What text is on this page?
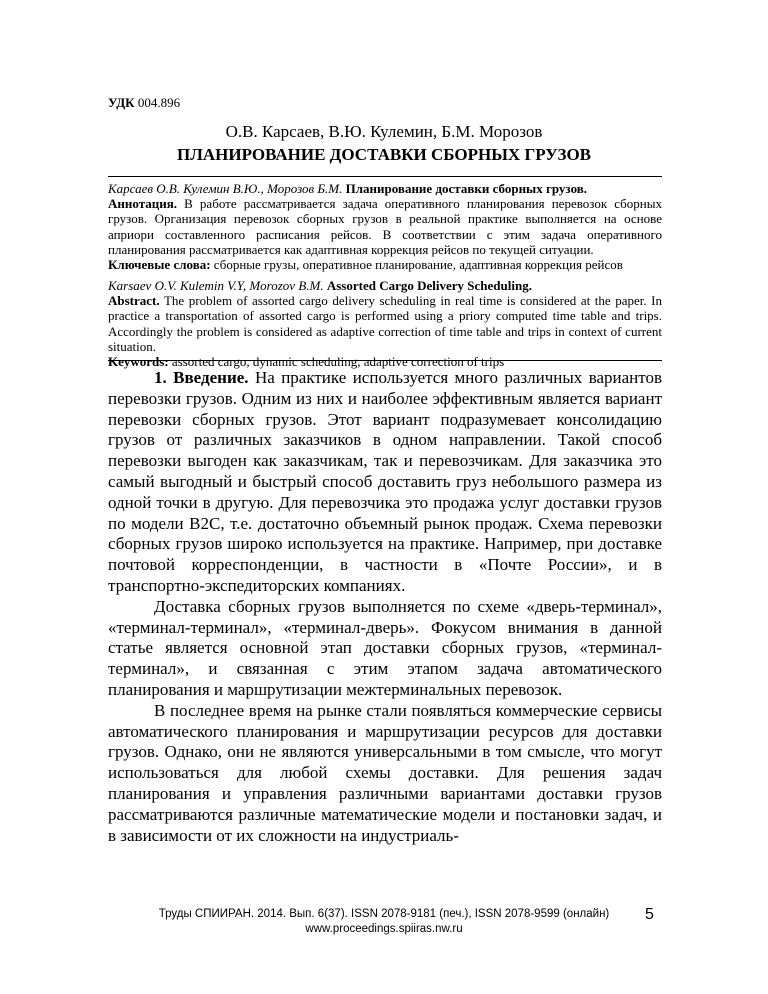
УДК 004.896
О.В. Карсаев, В.Ю. Кулемин, Б.М. Морозов
ПЛАНИРОВАНИЕ ДОСТАВКИ СБОРНЫХ ГРУЗОВ

Карсаев О.В. Кулемин В.Ю., Морозов Б.М. Планирование доставки сборных грузов.

Аннотация. В работе рассматривается задача оперативного планирования перевозок сборных грузов. Организация перевозок сборных грузов в реальной практике выполняется на основе априори составленного расписания рейсов. В соответствии с этим задача оперативного планирования рассматривается как адаптивная коррекция рейсов по текущей ситуации.

Ключевые слова: сборные грузы, оперативное планирование, адаптивная коррекция рейсов

Karsaev O.V. Kulemin V.Y, Morozov B.M. Assorted Cargo Delivery Scheduling.

Abstract. The problem of assorted cargo delivery scheduling in real time is considered at the paper. In practice a transportation of assorted cargo is performed using a priory computed time table and trips. Accordingly the problem is considered as adaptive correction of time table and trips in context of current situation.

Keywords: assorted cargo, dynamic scheduling, adaptive correction of trips

1. Введение. На практике используется много различных вариантов перевозки грузов. Одним из них и наиболее эффективным является вариант перевозки сборных грузов. Этот вариант подразумевает консолидацию грузов от различных заказчиков в одном направлении. Такой способ перевозки выгоден как заказчикам, так и перевозчикам. Для заказчика это самый выгодный и быстрый способ доставить груз небольшого размера из одной точки в другую. Для перевозчика это продажа услуг доставки грузов по модели B2C, т.е. достаточно объемный рынок продаж. Схема перевозки сборных грузов широко используется на практике. Например, при доставке почтовой корреспонденции, в частности в «Почте России», и в транспортно-экспедиторских компаниях.

Доставка сборных грузов выполняется по схеме «дверь-терминал», «терминал-терминал», «терминал-дверь». Фокусом внимания в данной статье является основной этап доставки сборных грузов, «терминал-терминал», и связанная с этим этапом задача автоматического планирования и маршрутизации межтерминальных перевозок.

В последнее время на рынке стали появляться коммерческие сервисы автоматического планирования и маршрутизации ресурсов для доставки грузов. Однако, они не являются универсальными в том смысле, что могут использоваться для любой схемы доставки. Для решения задач планирования и управления различными вариантами доставки грузов рассматриваются различные математические модели и постановки задач, и в зависимости от их сложности на индустриаль-

Труды СПИИРАН. 2014. Вып. 6(37). ISSN 2078-9181 (печ.), ISSN 2078-9599 (онлайн)
www.proceedings.spiiras.nw.ru
5
